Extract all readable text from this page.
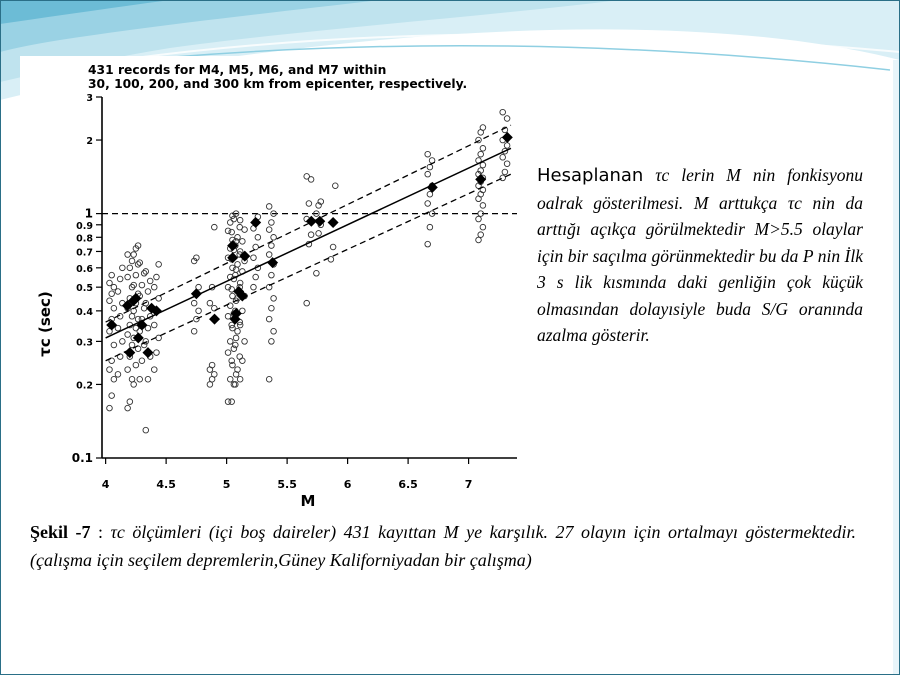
431 records for M4, M5, M6, and M7 within
30, 100, 200, and 300 km from epicenter, respectively.
0.1
0.2
0.3
0.4
0.5
0.6
0.7
0.8
0.9
1
2
3
4	4.5	5	5.5	6	6.5	7
M
τc (sec)
Hesaplanan τc lerin M nin fonkisyonu oalrak gösterilmesi. M arttukça τc nin da arttığı açıkça görülmektedir M>5.5 olaylar için bir saçılma görünmektedir bu da P nin İlk 3 s lik kısmında daki genliğin çok küçük olmasından dolayısiyle buda S/G oranında azalma gösterir.
Şekil -7 : τc ölçümleri (içi boş daireler) 431 kayıttan M ye karşılık. 27 olayın için ortalmayı göstermektedir.(çalışma için seçilem depremlerin,Güney Kaliforniyadan bir çalışma)
